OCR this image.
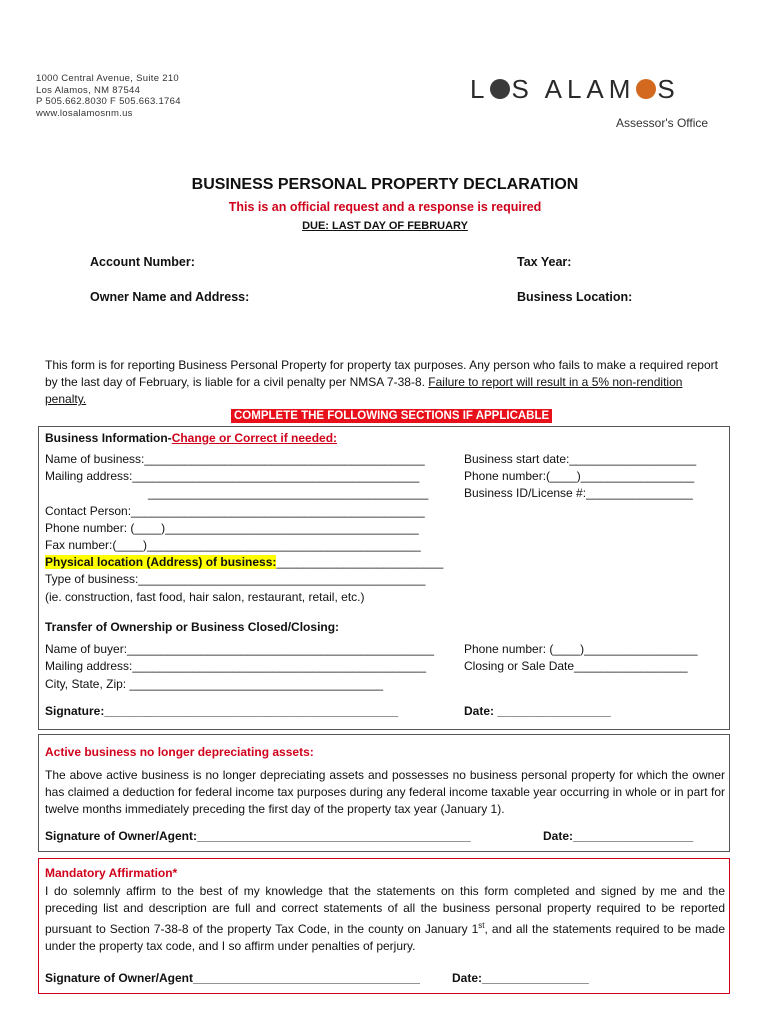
1000 Central Avenue, Suite 210
Los Alamos, NM 87544
P 505.662.8030 F 505.663.1764
www.losalamosnm.us
L S ALAM S
Assessor's Office
BUSINESS PERSONAL PROPERTY DECLARATION
This is an official request and a response is required
DUE: LAST DAY OF FEBRUARY
Account Number:	Tax Year:
Owner Name and Address:	Business Location:
This form is for reporting Business Personal Property for property tax purposes. Any person who fails to make a required report by the last day of February, is liable for a civil penalty per NMSA 7-38-8. Failure to report will result in a 5% non-rendition penalty.
COMPLETE THE FOLLOWING SECTIONS IF APPLICABLE
Business Information-Change or Correct if needed:
Name of business:__________________________________________
Mailing address:___________________________________________
__________________________________________
Business start date:___________________
Phone number:(____)_________________
Business ID/License #:________________
Contact Person:____________________________________________
Phone number: (____)______________________________________
Fax number:(____)_________________________________________
Physical location (Address) of business:_________________________
Type of business:___________________________________________
(ie. construction, fast food, hair salon, restaurant, retail, etc.)
Transfer of Ownership or Business Closed/Closing:
Name of buyer:______________________________________________
Mailing address:____________________________________________
City, State, Zip: ______________________________________
Phone number: (____)_________________
Closing or Sale Date_________________
Signature:____________________________________________	Date: _________________
Active business no longer depreciating assets:
The above active business is no longer depreciating assets and possesses no business personal property for which the owner has claimed a deduction for federal income tax purposes during any federal income taxable year occurring in whole or in part for twelve months immediately preceding the first day of the property tax year (January 1).
Signature of Owner/Agent:_________________________________________	Date:__________________
Mandatory Affirmation*
I do solemnly affirm to the best of my knowledge that the statements on this form completed and signed by me and the preceding list and description are full and correct statements of all the business personal property required to be reported pursuant to Section 7-38-8 of the property Tax Code, in the county on January 1st, and all the statements required to be made under the property tax code, and I so affirm under penalties of perjury.
Signature of Owner/Agent__________________________________	Date:________________
